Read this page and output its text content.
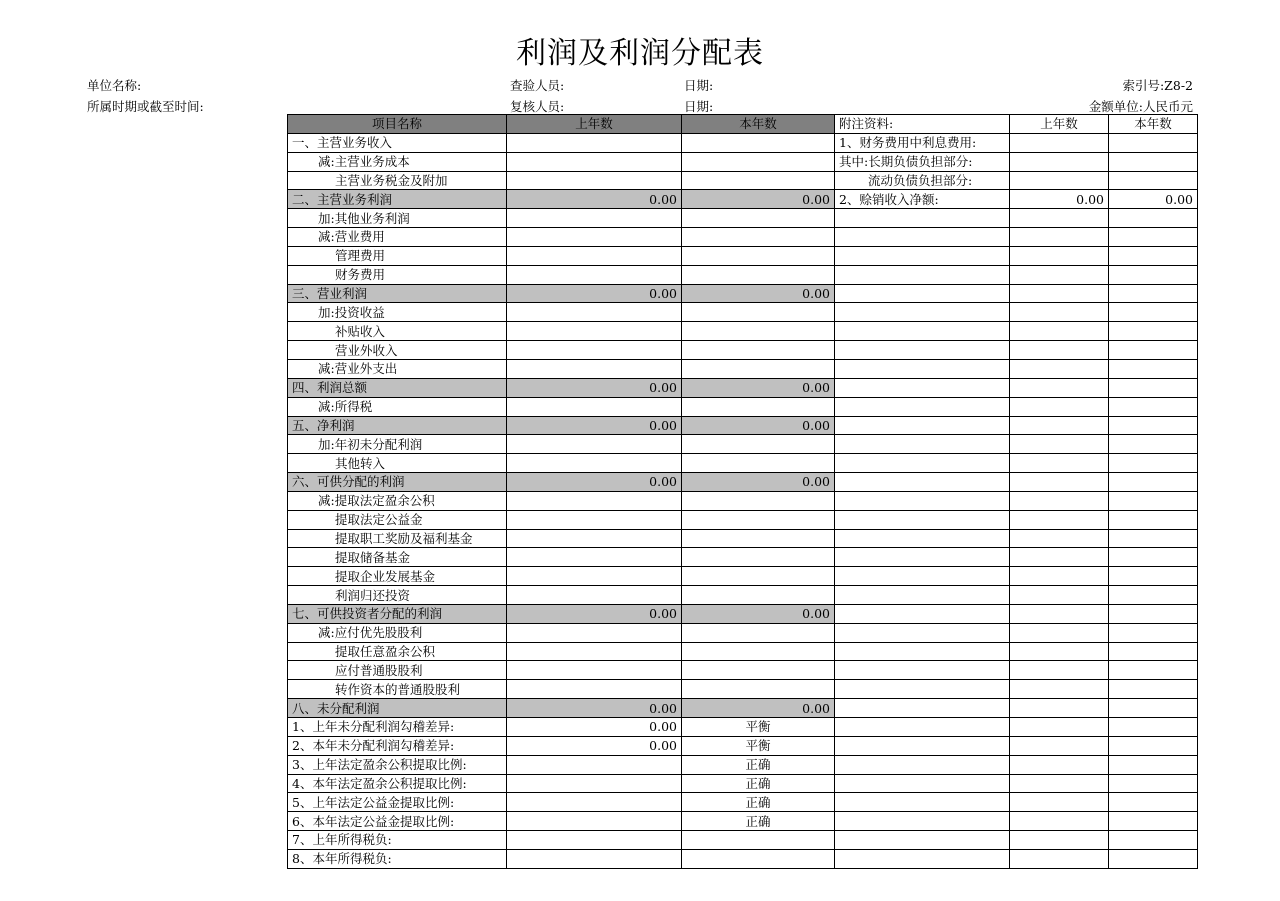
利润及利润分配表
单位名称:
所属时期或截至时间:
查验人员:
复核人员:
日期:
日期:
索引号:Z8-2
金额单位:人民币元
项目名称	上年数	本年数	附注资料:	上年数	本年数
一、主营业务收入			1、财务费用中利息费用:		
减:主营业务成本			其中:长期负债负担部分:		
主营业务税金及附加			流动负债负担部分:		
二、主营业务利润	0.00	0.00	2、赊销收入净额:	0.00	0.00
加:其他业务利润					
减:营业费用					
管理费用					
财务费用					
三、营业利润	0.00	0.00			
加:投资收益					
补贴收入					
营业外收入					
减:营业外支出					
四、利润总额	0.00	0.00			
减:所得税					
五、净利润	0.00	0.00			
加:年初未分配利润					
其他转入					
六、可供分配的利润	0.00	0.00			
减:提取法定盈余公积					
提取法定公益金					
提取职工奖励及福利基金					
提取储备基金					
提取企业发展基金					
利润归还投资					
七、可供投资者分配的利润	0.00	0.00			
减:应付优先股股利					
提取任意盈余公积					
应付普通股股利					
转作资本的普通股股利					
八、未分配利润	0.00	0.00			
1、上年未分配利润勾稽差异:	0.00	平衡			
2、本年未分配利润勾稽差异:	0.00	平衡			
3、上年法定盈余公积提取比例:		正确			
4、本年法定盈余公积提取比例:		正确			
5、上年法定公益金提取比例:		正确			
6、本年法定公益金提取比例:		正确			
7、上年所得税负:					
8、本年所得税负:					
